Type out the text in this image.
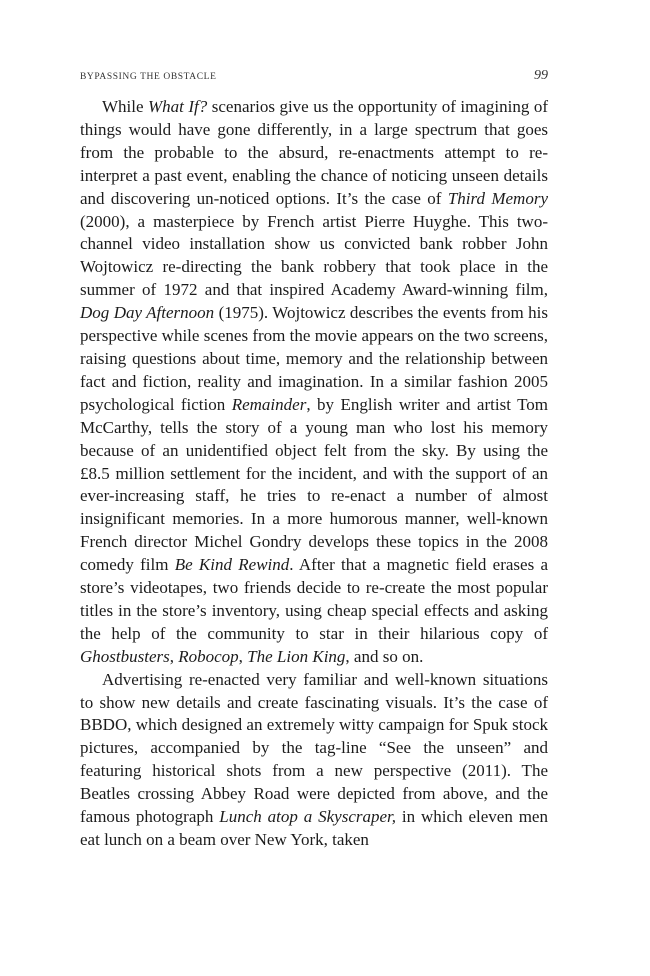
BYPASSING THE OBSTACLE	99

While What If? scenarios give us the opportunity of imagining of things would have gone differently, in a large spectrum that goes from the probable to the absurd, re-enactments attempt to re-interpret a past event, enabling the chance of noticing unseen details and discovering un-noticed options. It’s the case of Third Memory (2000), a masterpiece by French artist Pierre Huyghe. This two-channel video installation show us convicted bank robber John Wojtowicz re-directing the bank robbery that took place in the summer of 1972 and that inspired Academy Award-winning film, Dog Day Afternoon (1975). Wojtowicz describes the events from his perspective while scenes from the movie appears on the two screens, raising questions about time, memory and the relationship between fact and fiction, reality and imagination. In a similar fashion 2005 psychological fiction Remainder, by English writer and artist Tom McCarthy, tells the story of a young man who lost his memory because of an unidentified object felt from the sky. By using the £8.5 million settlement for the incident, and with the support of an ever-increasing staff, he tries to re-enact a number of almost insignificant memories. In a more humorous manner, well-known French director Michel Gondry develops these topics in the 2008 comedy film Be Kind Rewind. After that a magnetic field erases a store’s videotapes, two friends decide to re-create the most popular titles in the store’s inventory, using cheap special effects and asking the help of the community to star in their hilarious copy of Ghostbusters, Robocop, The Lion King, and so on.

Advertising re-enacted very familiar and well-known situations to show new details and create fascinating visuals. It’s the case of BBDO, which designed an extremely witty campaign for Spuk stock pictures, accompanied by the tag-line “See the unseen” and featuring historical shots from a new perspective (2011). The Beatles crossing Abbey Road were depicted from above, and the famous photograph Lunch atop a Skyscraper, in which eleven men eat lunch on a beam over New York, taken
